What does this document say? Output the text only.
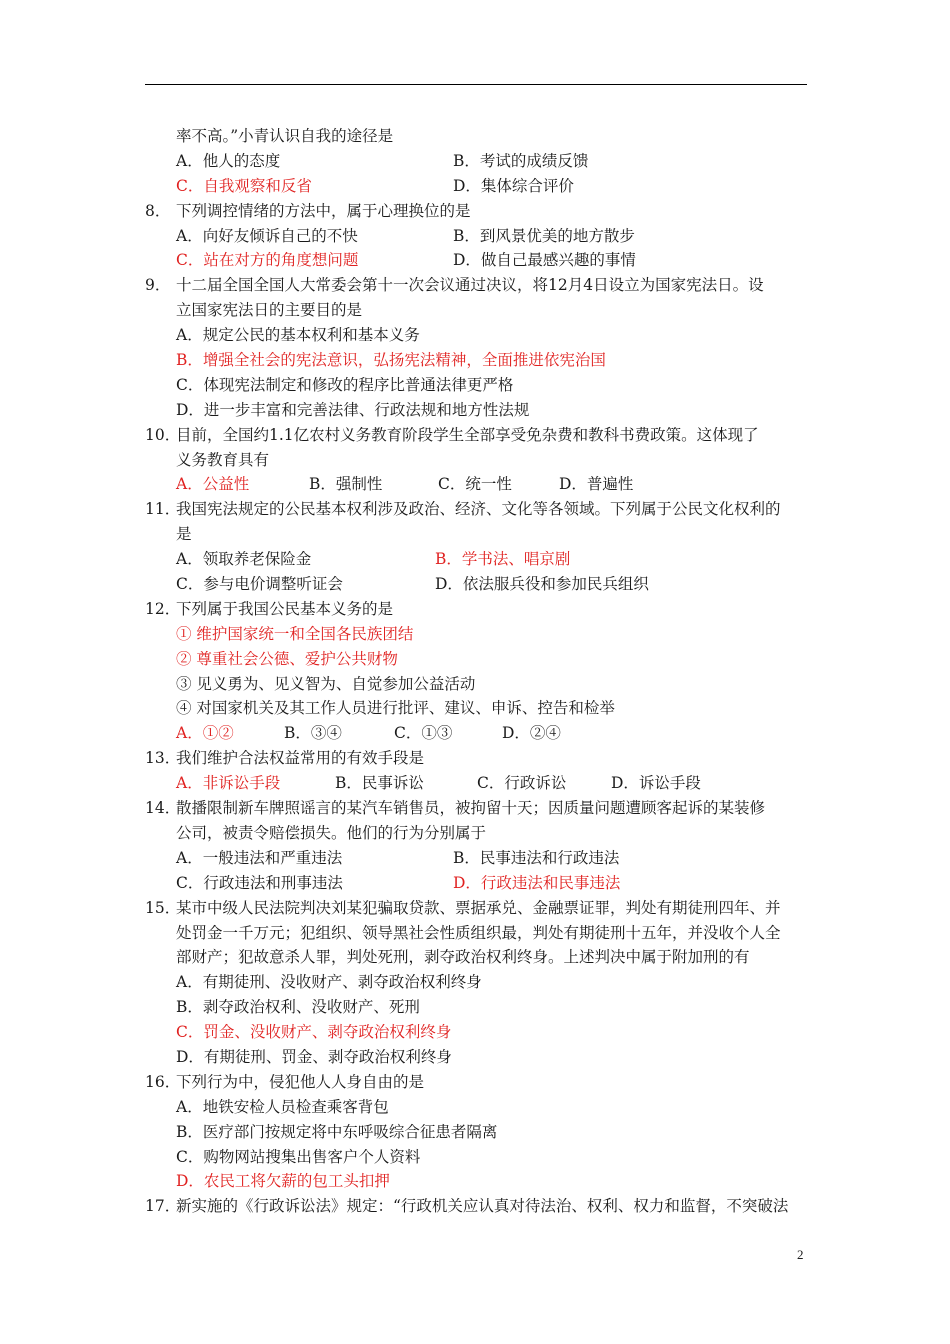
率不高。”小青认识自我的途径是
A．他人的态度	B．考试的成绩反馈
C．自我观察和反省	D．集体综合评价
8． 下列调控情绪的方法中，属于心理换位的是
A．向好友倾诉自己的不快	B．到风景优美的地方散步
C．站在对方的角度想问题	D．做自己最感兴趣的事情
9． 十二届全国全国人大常委会第十一次会议通过决议，将12月4日设立为国家宪法日。设
立国家宪法日的主要目的是
A．规定公民的基本权利和基本义务
B．增强全社会的宪法意识，弘扬宪法精神，全面推进依宪治国
C．体现宪法制定和修改的程序比普通法律更严格
D．进一步丰富和完善法律、行政法规和地方性法规
10．
目前，全国约1.1亿农村义务教育阶段学生全部享受免杂费和教科书费政策。这体现了
义务教育具有
A．公益性	B．强制性	C．统一性	D．普遍性
11．
我国宪法规定的公民基本权利涉及政治、经济、文化等各领域。下列属于公民文化权利的
是
A．领取养老保险金	B．学书法、唱京剧
C．参与电价调整听证会	D．依法服兵役和参加民兵组织
12．
下列属于我国公民基本义务的是
① 维护国家统一和全国各民族团结
② 尊重社会公德、爱护公共财物
③ 见义勇为、见义智为、自觉参加公益活动
④ 对国家机关及其工作人员进行批评、建议、申诉、控告和检举
A．①②	B．③④	C．①③	D．②④
13．
我们维护合法权益常用的有效手段是
A．非诉讼手段	B．民事诉讼	C．行政诉讼	D．诉讼手段
14．
散播限制新车牌照谣言的某汽车销售员，被拘留十天；因质量问题遭顾客起诉的某装修
公司，被责令赔偿损失。他们的行为分别属于
A．一般违法和严重违法	B．民事违法和行政违法
C．行政违法和刑事违法	D．行政违法和民事违法
15．
某市中级人民法院判决刘某犯骗取贷款、票据承兑、金融票证罪，判处有期徒刑四年、并
处罚金一千万元；犯组织、领导黑社会性质组织最，判处有期徒刑十五年，并没收个人全
部财产；犯故意杀人罪，判处死刑，剥夺政治权利终身。上述判决中属于附加刑的有
A．有期徒刑、没收财产、剥夺政治权利终身
B．剥夺政治权利、没收财产、死刑
C．罚金、没收财产、剥夺政治权利终身
D．有期徒刑、罚金、剥夺政治权利终身
16．
下列行为中，侵犯他人人身自由的是
A．地铁安检人员检查乘客背包
B．医疗部门按规定将中东呼吸综合征患者隔离
C．购物网站搜集出售客户个人资料
D．农民工将欠薪的包工头扣押
17．
新实施的《行政诉讼法》规定：“行政机关应认真对待法治、权利、权力和监督，不突破法
2
